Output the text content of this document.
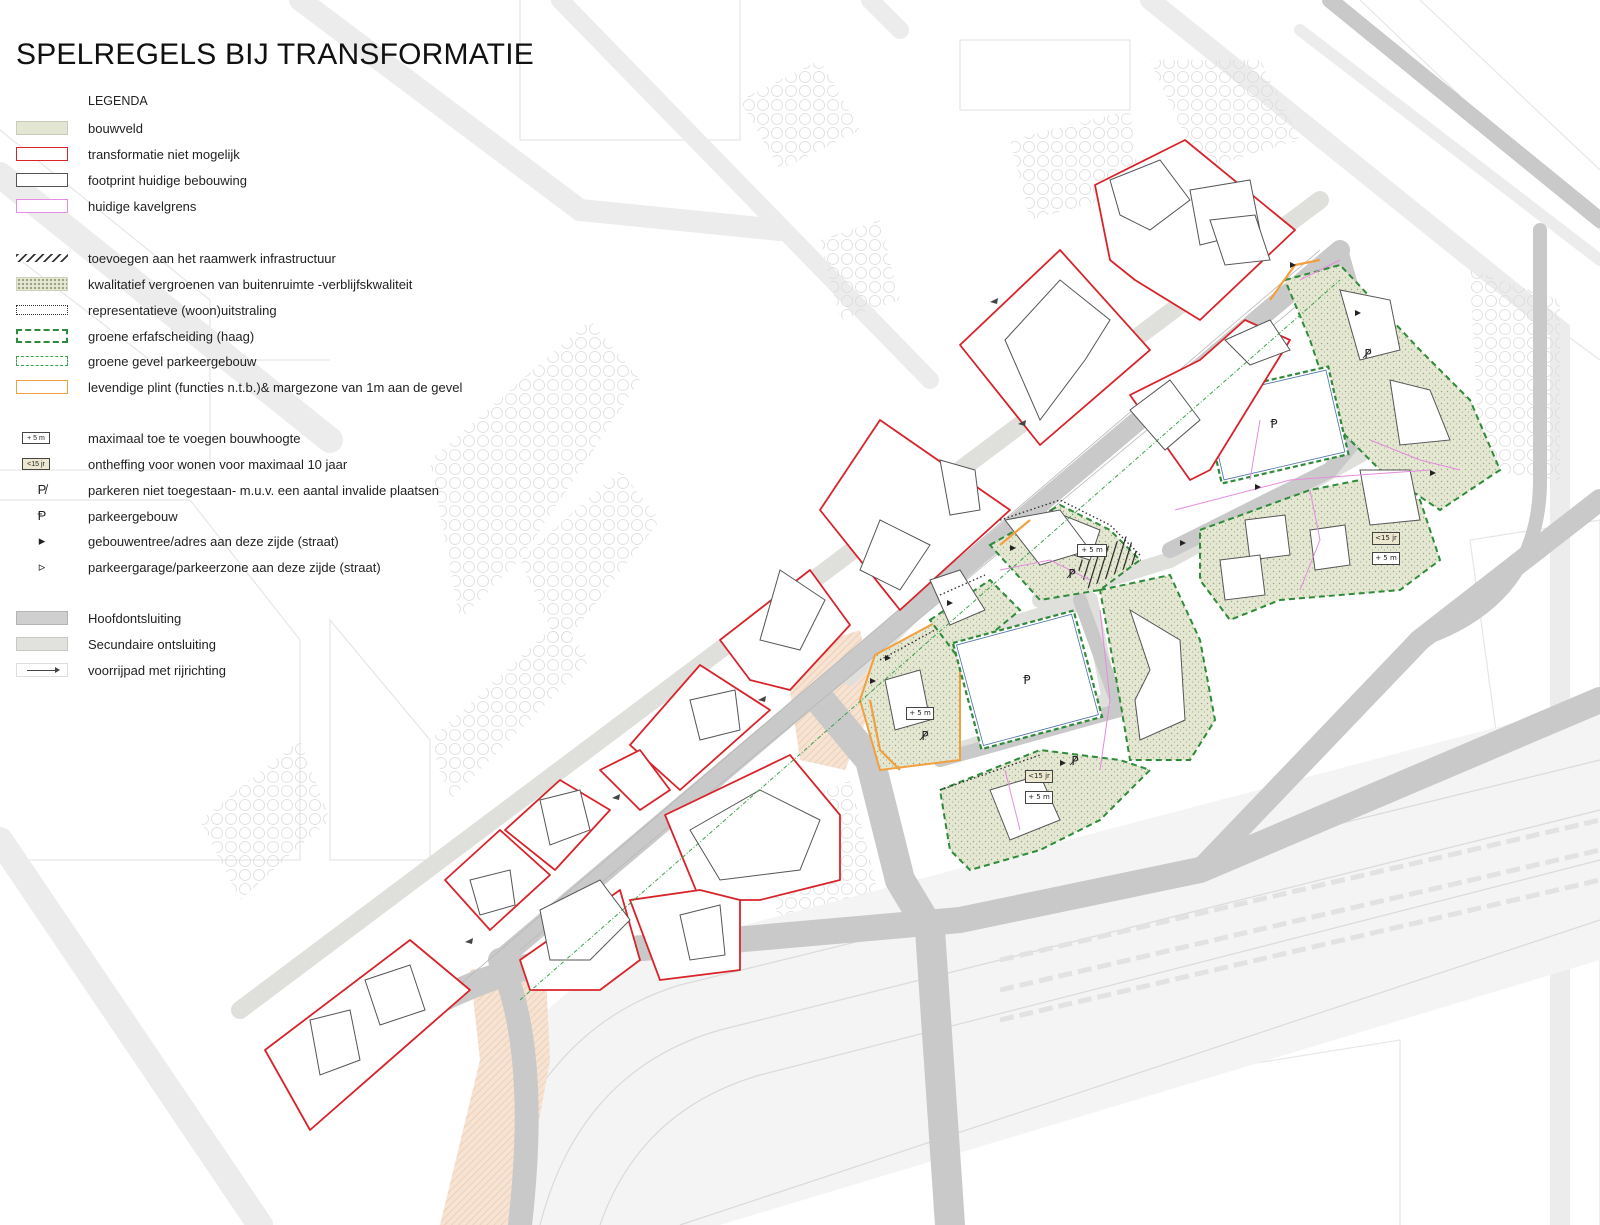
Ᵽ
Ᵽ
P̸
P̸
P̸
P̸
+ 5 m
+ 5 m
+ 5 m
+ 5 m
<15 jr
<15 jr
SPELREGELS BIJ TRANSFORMATIE
LEGENDA
bouwveld
transformatie niet mogelijk
footprint huidige bebouwing
huidige kavelgrens
toevoegen aan het raamwerk infrastructuur
kwalitatief vergroenen van buitenruimte -verblijfskwaliteit
representatieve (woon)uitstraling
groene erfafscheiding (haag)
groene gevel parkeergebouw
levendige plint (functies n.t.b.)& margezone van 1m aan de gevel
+ 5 m	maximaal toe te voegen bouwhoogte
<15 jr	ontheffing voor wonen voor maximaal 10 jaar
P̸	parkeren niet toegestaan- m.u.v. een aantal invalide plaatsen
Ᵽ	parkeergebouw
▸	gebouwentree/adres aan deze zijde (straat)
▹	parkeergarage/parkeerzone aan deze zijde (straat)
Hoofdontsluiting
Secundaire ontsluiting
voorrijpad met rijrichting
